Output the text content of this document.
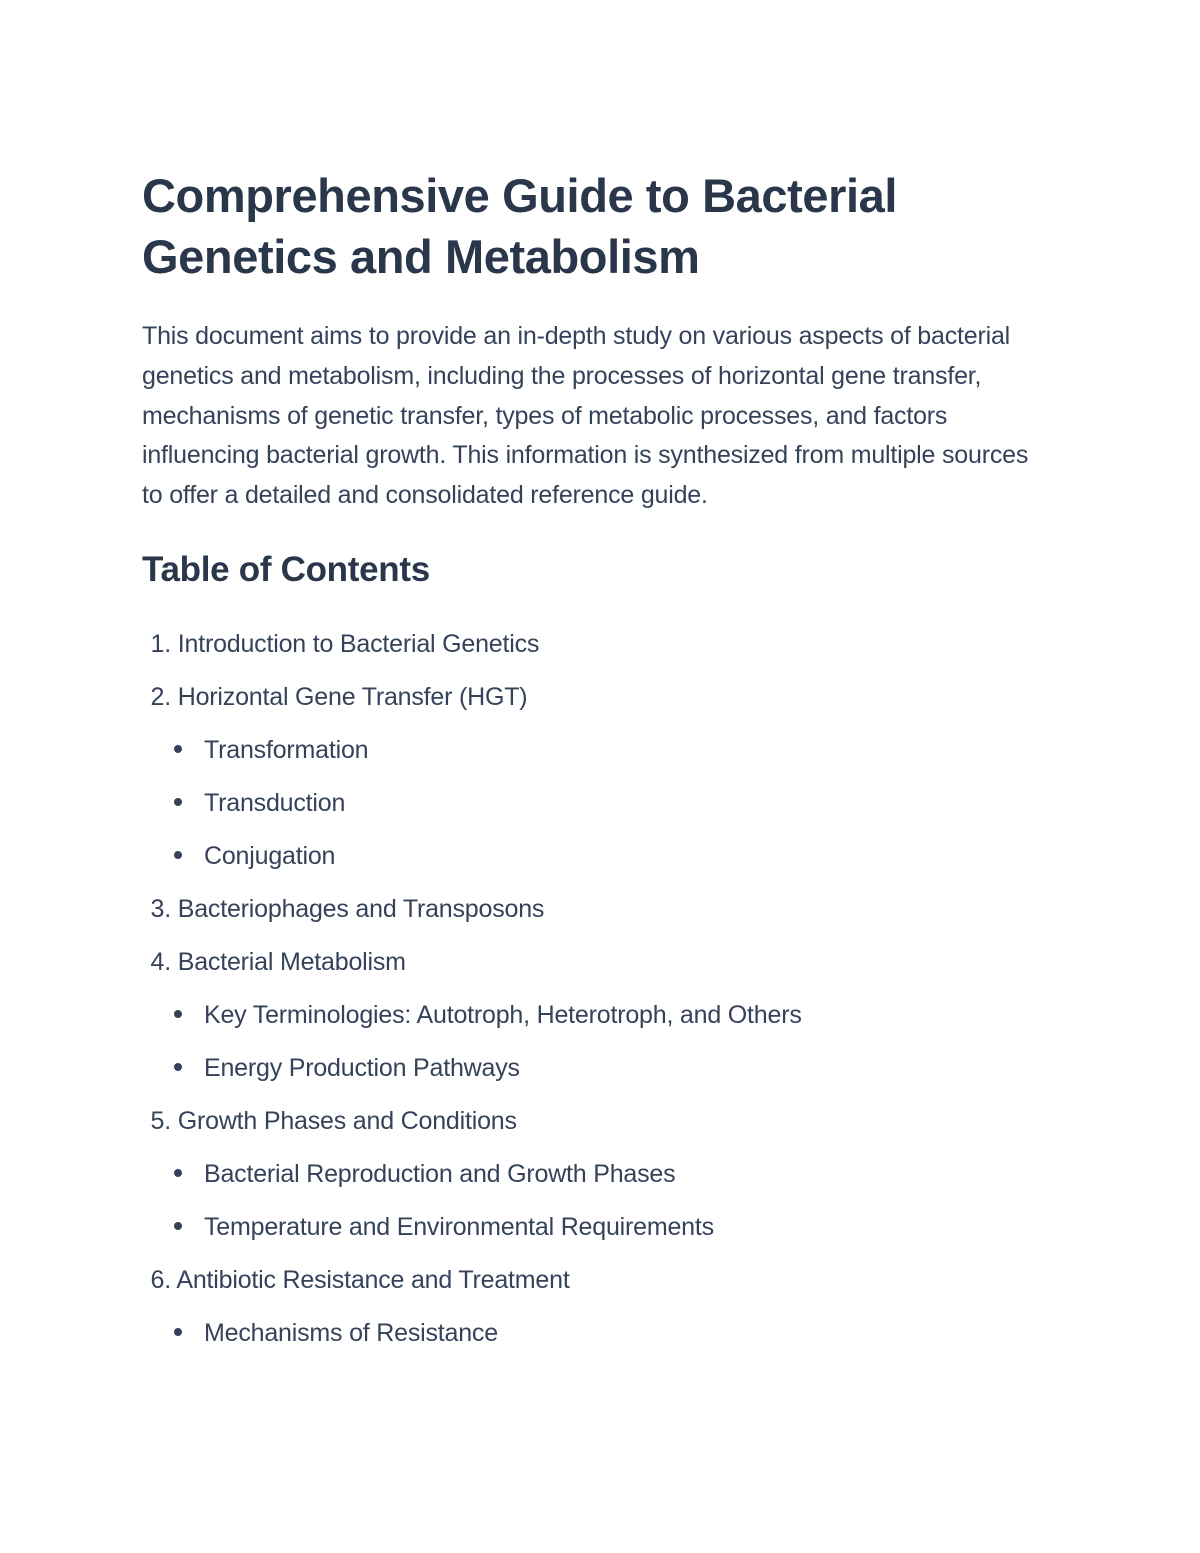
Comprehensive Guide to Bacterial Genetics and Metabolism

This document aims to provide an in-depth study on various aspects of bacterial genetics and metabolism, including the processes of horizontal gene transfer, mechanisms of genetic transfer, types of metabolic processes, and factors influencing bacterial growth. This information is synthesized from multiple sources to offer a detailed and consolidated reference guide.

Table of Contents
1. Introduction to Bacterial Genetics
2. Horizontal Gene Transfer (HGT)
Transformation
Transduction
Conjugation
3. Bacteriophages and Transposons
4. Bacterial Metabolism
Key Terminologies: Autotroph, Heterotroph, and Others
Energy Production Pathways
5. Growth Phases and Conditions
Bacterial Reproduction and Growth Phases
Temperature and Environmental Requirements
6. Antibiotic Resistance and Treatment
Mechanisms of Resistance
